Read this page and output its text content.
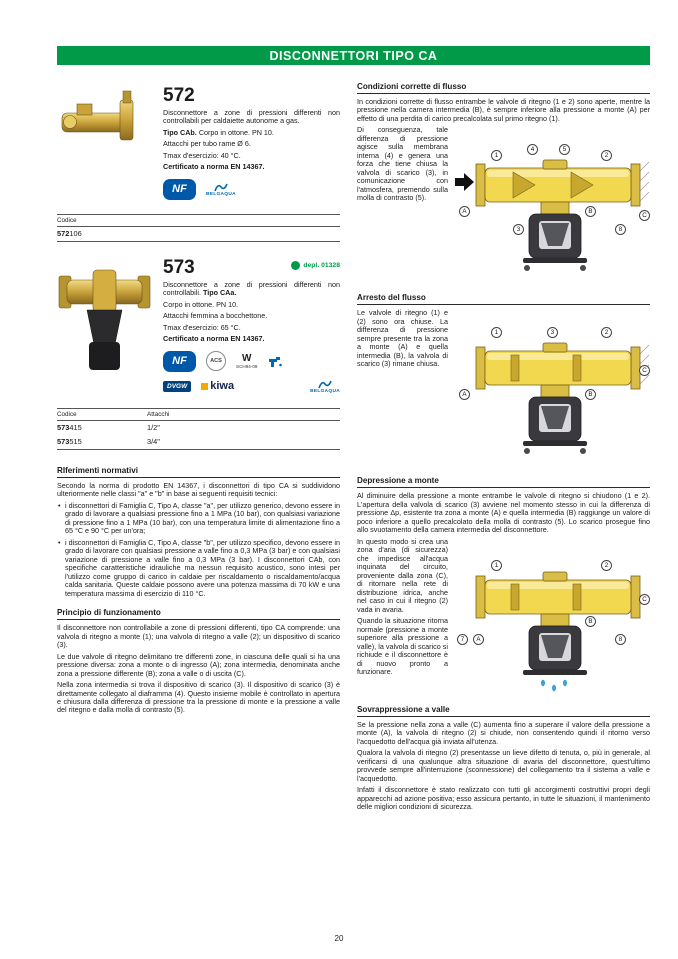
DISCONNETTORI TIPO CA
572

Disconnettore a zone di pressioni differenti non controllabili per caldaiette autonome a gas.

Tipo CAb. Corpo in ottone. PN 10.

Attacchi per tubo rame Ø 6.

Tmax d'esercizio: 40 °C.

Certificato a norma EN 14367.

NF	BELGAQUA
Codice
572106
573	depl. 01328

Disconnettore a zone di pressioni differenti non controllabili. Tipo CAa.

Corpo in ottone. PN 10.

Attacchi femmina a bocchettone.

Tmax d'esercizio: 65 °C.

Certificato a norma EN 14367.

NF	ACS	W
SCH94-09
DVGW	kiwa	BELGAQUA
Codice	Attacchi
573415	1/2"
573515	3/4"
RIferimenti normativi

Secondo la norma di prodotto EN 14367, i disconnettori di tipo CA si suddividono ulteriormente nelle classi "a" e "b" in base ai seguenti requisiti tecnici:

• i disconnettori di Famiglia C, Tipo A, classe "a", per utilizzo generico, devono essere in grado di lavorare a qualsiasi pressione fino a 1 MPa (10 bar), con qualsiasi variazione di pressione fino a 1 MPa (10 bar), con una temperatura limite di alimentazione fino a 65 °C e 90 °C per un'ora;
• i disconnettori di Famiglia C, Tipo A, classe "b", per utilizzo specifico, devono essere in grado di lavorare con qualsiasi pressione a valle fino a 0,3 MPa (3 bar) e con qualsiasi variazione di pressione a valle fino a 0,3 MPa (3 bar). I disconnettori CAb, con specifiche caratteristiche idrauliche ma nessun requisito acustico, sono intesi per l'utilizzo come gruppo di carico in caldaie per riscaldamento o riscaldamento/acqua calda sanitaria. Queste caldaie possono avere una potenza massima di 70 kW e una temperatura massima di esercizio di 110 °C.
Principio di funzionamento

Il disconnettore non controllabile a zone di pressioni differenti, tipo CA comprende: una valvola di ritegno a monte (1); una valvola di ritegno a valle (2); un dispositivo di scarico (3).

Le due valvole di ritegno delimitano tre differenti zone, in ciascuna delle quali si ha una pressione diversa: zona a monte o di ingresso (A); zona intermedia, denominata anche zona a pressione differente (B); zona a valle o di uscita (C).

Nella zona intermedia si trova il dispositivo di scarico (3). Il dispositivo di scarico (3) è direttamente collegato al diaframma (4). Questo insieme mobile è controllato in apertura e chiusura dalla differenza di pressione tra la pressione di monte e la pressione a valle del ritegno e dalla molla di contrasto (5).

Condizioni corrette di flusso

In condizioni corrette di flusso entrambe le valvole di ritegno (1 e 2) sono aperte, mentre la pressione nella camera intermedia (B), è sempre inferiore alla pressione a monte (A) per effetto di una perdita di carico precalcolata sul primo ritegno (1).

4	5
1	2
C
B
A
3	8

Di conseguenza, tale differenza di pressione agisce sulla membrana interna (4) e genera una forza che tiene chiusa la valvola di scarico (3), in comunicazione con l'atmosfera, premendo sulla molla di contrasto (5).

Arresto del flusso
1	3	2
A	B
C

Le valvole di ritegno (1) e (2) sono ora chiuse. La differenza di pressione sempre presente tra la zona a monte (A) e quella intermedia (B), la valvola di scarico (3) rimane chiusa.

Depressione a monte

Al diminuire della pressione a monte entrambe le valvole di ritegno si chiudono (1 e 2). L'apertura della valvola di scarico (3) avviene nel momento stesso in cui la differenza di pressione Δp, esistente tra zona a monte (A) e quella intermedia (B) raggiunge un valore di poco inferiore a quello precalcolato della molla di contrasto (5). Lo scarico prosegue fino allo svuotamento della camera intermedia del disconnettore.

1	2
B
7	A	8
C

In questo modo si crea una zona d'aria (di sicurezza) che impedisce all'acqua inquinata del circuito, proveniente dalla zona (C), di ritornare nella rete di distribuzione idrica, anche nel caso in cui il ritegno (2) vada in avaria.

Quando la situazione ritorna normale (pressione a monte superiore alla pressione a valle), la valvola di scarico si richiude e il disconnettore è di nuovo pronto a funzionare.

Sovrappressione a valle

Se la pressione nella zona a valle (C) aumenta fino a superare il valore della pressione a monte (A), la valvola di ritegno (2) si chiude, non consentendo quindi il ritorno verso l'acquedotto dell'acqua già inviata all'utenza.

Qualora la valvola di ritegno (2) presentasse un lieve difetto di tenuta, o, più in generale, al verificarsi di una qualunque altra situazione di avaria del disconnettore, quest'ultimo provvede sempre all'interruzione (sconnessione) del collegamento tra il sistema a valle e l'acquedotto.

Infatti il disconnettore è stato realizzato con tutti gli accorgimenti costruttivi propri degli apparecchi ad azione positiva; esso assicura pertanto, in tutte le situazioni, il mantenimento delle migliori condizioni di sicurezza.

20
